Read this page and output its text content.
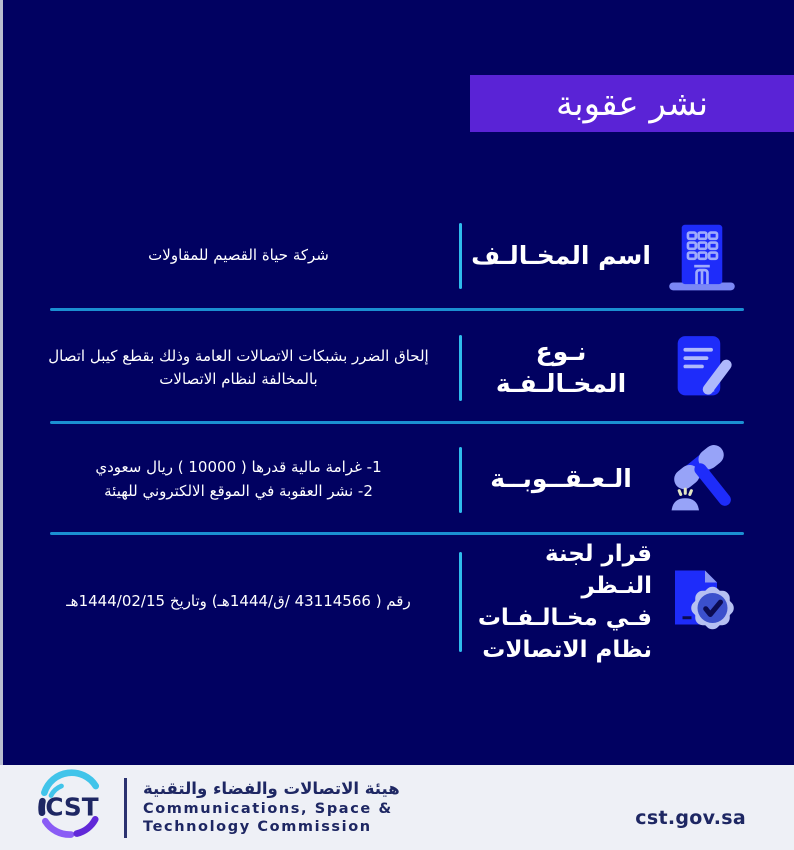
نشر عقوبة
اسم المخـالـف
شركة حياة القصيم للمقاولات
نـوع المخـالـفـة
إلحاق الضرر بشبكات الاتصالات العامة وذلك بقطع كيبل اتصال بالمخالفة لنظام الاتصالات
الـعـقــوبــة
1- غرامة مالية قدرها ( 10000 ) ريال سعودي
2- نشر العقوبة في الموقع الالكتروني للهيئة
قرار لجنة النـظر
فـي مخـالـفـات
نظام الاتصالات
رقم ( 43114566 /ق/1444هـ) وتاريخ 1444/02/15هـ
CST
هيئة الاتصالات والفضاء والتقنية
Communications, Space &
Technology Commission	cst.gov.sa
